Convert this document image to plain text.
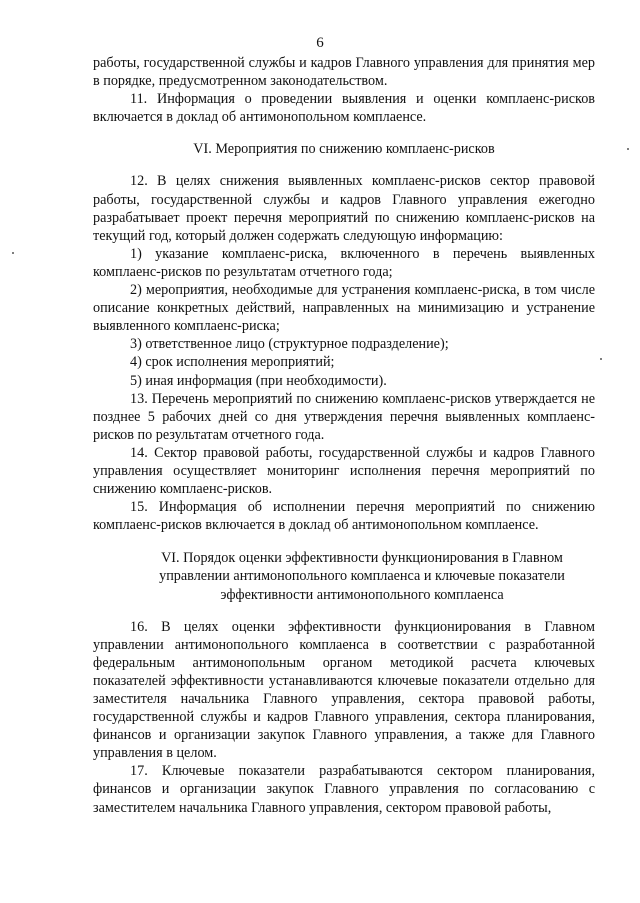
6

работы, государственной службы и кадров Главного управления для принятия мер в порядке, предусмотренном законодательством.

11. Информация о проведении выявления и оценки комплаенс-рисков включается в доклад об антимонопольном комплаенсе.

VI. Мероприятия по снижению комплаенс-рисков

12. В целях снижения выявленных комплаенс-рисков сектор правовой работы, государственной службы и кадров Главного управления ежегодно разрабатывает проект перечня мероприятий по снижению комплаенс-рисков на текущий год, который должен содержать следующую информацию:

1) указание комплаенс-риска, включенного в перечень выявленных комплаенс-рисков по результатам отчетного года;

2) мероприятия, необходимые для устранения комплаенс-риска, в том числе описание конкретных действий, направленных на минимизацию и устранение выявленного комплаенс-риска;

3) ответственное лицо (структурное подразделение);

4) срок исполнения мероприятий;

5) иная информация (при необходимости).

13. Перечень мероприятий по снижению комплаенс-рисков утверждается не позднее 5 рабочих дней со дня утверждения перечня выявленных комплаенс-рисков по результатам отчетного года.

14. Сектор правовой работы, государственной службы и кадров Главного управления осуществляет мониторинг исполнения перечня мероприятий по снижению комплаенс-рисков.

15. Информация об исполнении перечня мероприятий по снижению комплаенс-рисков включается в доклад об антимонопольном комплаенсе.

VI. Порядок оценки эффективности функционирования в Главном
управлении антимонопольного комплаенса и ключевые показатели
эффективности антимонопольного комплаенса

16. В целях оценки эффективности функционирования в Главном управлении антимонопольного комплаенса в соответствии с разработанной федеральным антимонопольным органом методикой расчета ключевых показателей эффективности устанавливаются ключевые показатели отдельно для заместителя начальника Главного управления, сектора правовой работы, государственной службы и кадров Главного управления, сектора планирования, финансов и организации закупок Главного управления, а также для Главного управления в целом.

17. Ключевые показатели разрабатываются сектором планирования, финансов и организации закупок Главного управления по согласованию с заместителем начальника Главного управления, сектором правовой работы,
